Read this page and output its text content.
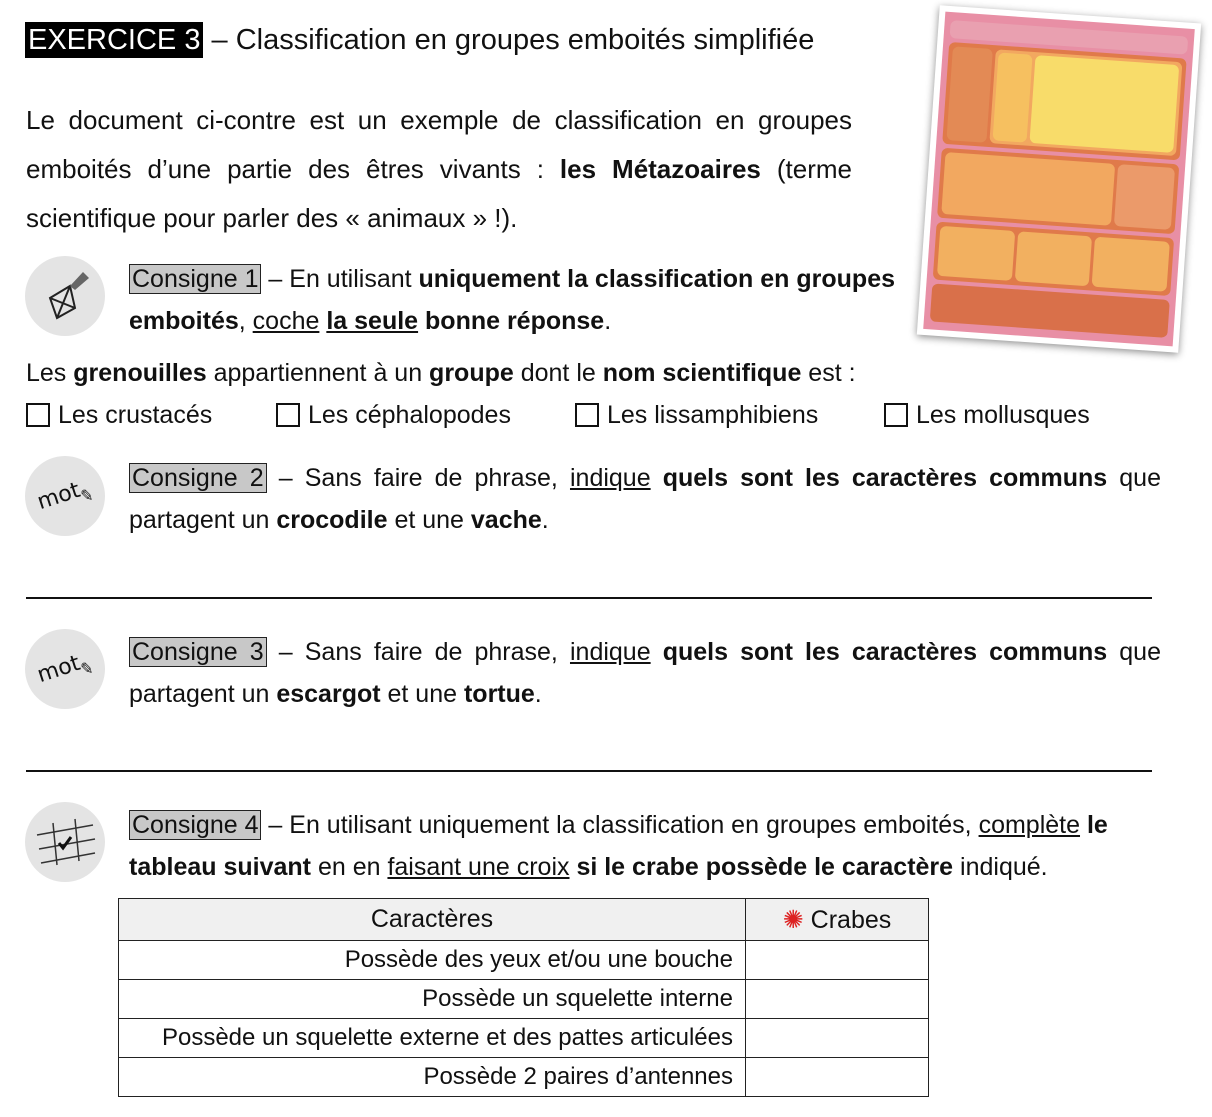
EXERCICE 3 – Classification en groupes emboités simplifiée

Le document ci-contre est un exemple de classification en groupes emboités d’une partie des êtres vivants : les Métazoaires (terme scientifique pour parler des « animaux » !).

Consigne 1 – En utilisant uniquement la classification en groupes emboités, coche la seule bonne réponse.
Les grenouilles appartiennent à un groupe dont le nom scientifique est :
Les crustacés	Les céphalopodes	Les lissamphibiens	Les mollusques
mot
✎
Consigne 2 – Sans faire de phrase, indique quels sont les caractères communs que partagent un crocodile et une vache.
mot
✎
Consigne 3 – Sans faire de phrase, indique quels sont les caractères communs que partagent un escargot et une tortue.
Consigne 4 – En utilisant uniquement la classification en groupes emboités, complète le tableau suivant en en faisant une croix si le crabe possède le caractère indiqué.
Caractères	✺ Crabes
Possède des yeux et/ou une bouche	
Possède un squelette interne	
Possède un squelette externe et des pattes articulées	
Possède 2 paires d’antennes	
